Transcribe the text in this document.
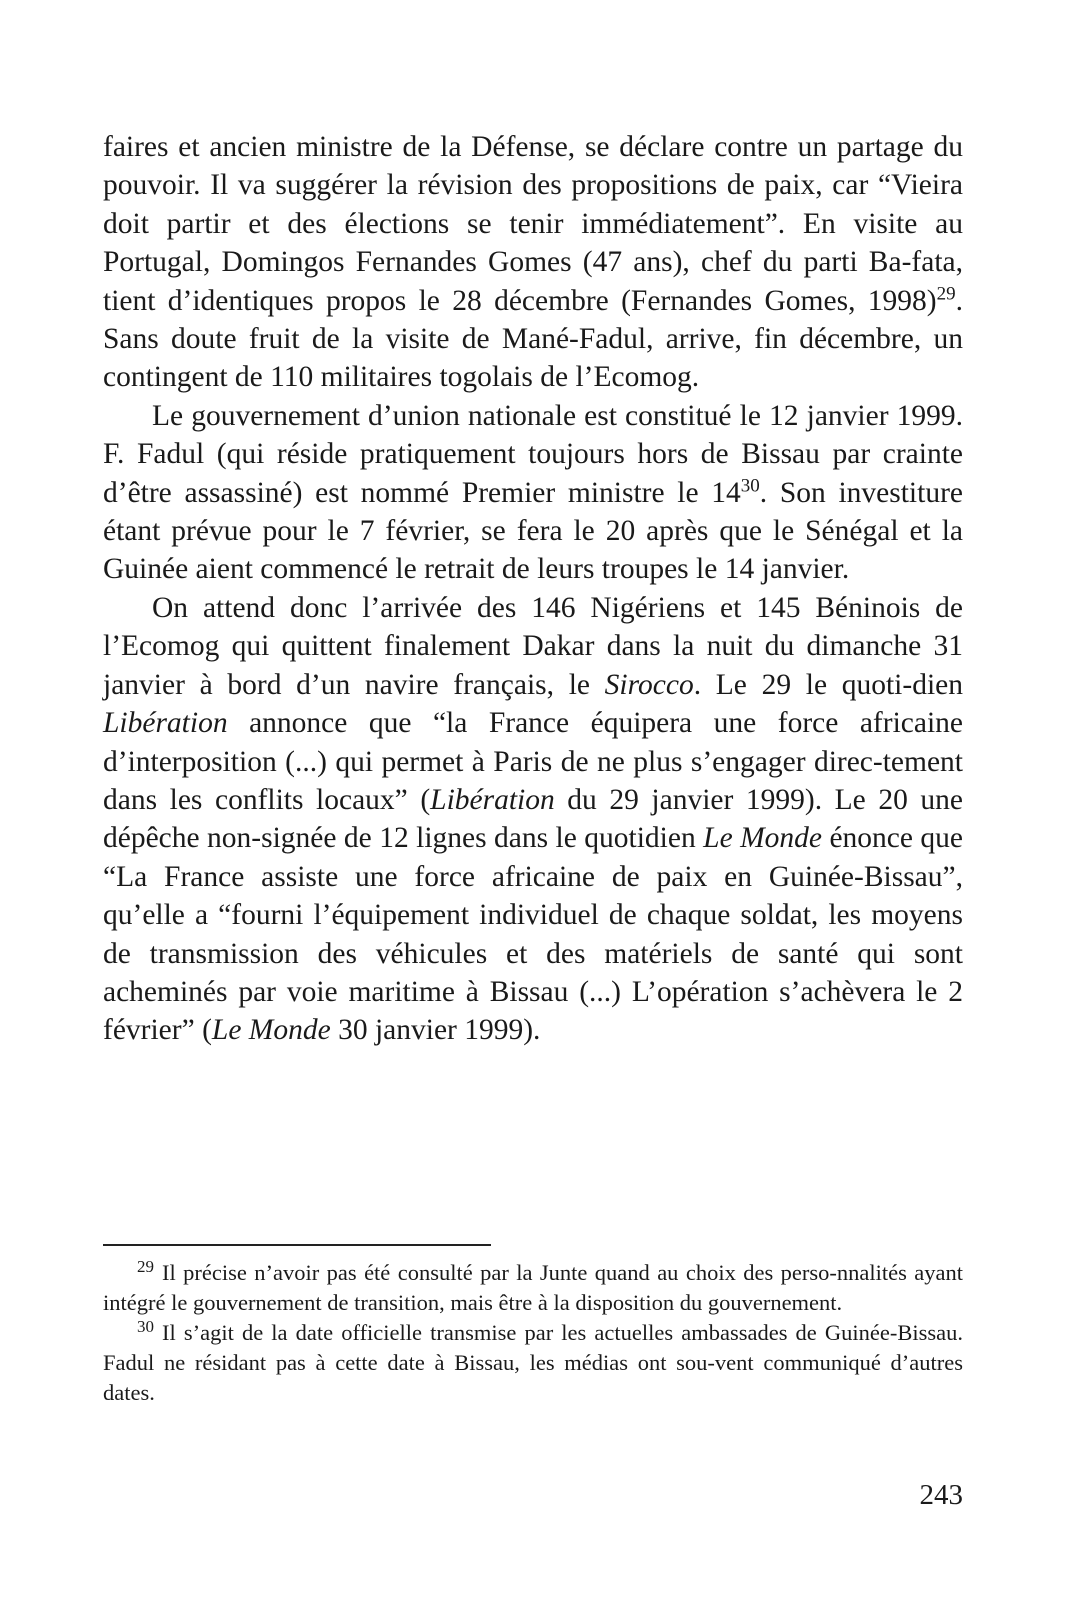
faires et ancien ministre de la Défense, se déclare contre un partage du pouvoir. Il va suggérer la révision des propositions de paix, car “Vieira doit partir et des élections se tenir immédiatement”. En visite au Portugal, Domingos Fernandes Gomes (47 ans), chef du parti Ba-fata, tient d’identiques propos le 28 décembre (Fernandes Gomes, 1998)$^{29}$. Sans doute fruit de la visite de Mané-Fadul, arrive, fin décembre, un contingent de 110 militaires togolais de l’Ecomog.

Le gouvernement d’union nationale est constitué le 12 janvier 1999. F. Fadul (qui réside pratiquement toujours hors de Bissau par crainte d’être assassiné) est nommé Premier ministre le $14^{30}$. Son investiture étant prévue pour le 7 février, se fera le 20 après que le Sénégal et la Guinée aient commencé le retrait de leurs troupes le 14 janvier.

On attend donc l’arrivée des 146 Nigériens et 145 Béninois de l’Ecomog qui quittent finalement Dakar dans la nuit du dimanche 31 janvier à bord d’un navire français, le Sirocco. Le 29 le quoti-dien Libération annonce que “la France équipera une force africaine d’interposition (...) qui permet à Paris de ne plus s’engager direc-tement dans les conflits locaux” (Libération du 29 janvier 1999). Le 20 une dépêche non-signée de 12 lignes dans le quotidien Le Monde énonce que “La France assiste une force africaine de paix en Guinée-Bissau”, qu’elle a “fourni l’équipement individuel de chaque soldat, les moyens de transmission des véhicules et des matériels de santé qui sont acheminés par voie maritime à Bissau (...) L’opération s’achèvera le 2 février” (Le Monde 30 janvier 1999).

$^{29}$ Il précise n’avoir pas été consulté par la Junte quand au choix des perso-nnalités ayant intégré le gouvernement de transition, mais être à la disposition du gouvernement.

$^{30}$ Il s’agit de la date officielle transmise par les actuelles ambassades de Guinée-Bissau. Fadul ne résidant pas à cette date à Bissau, les médias ont sou-vent communiqué d’autres dates.

243
